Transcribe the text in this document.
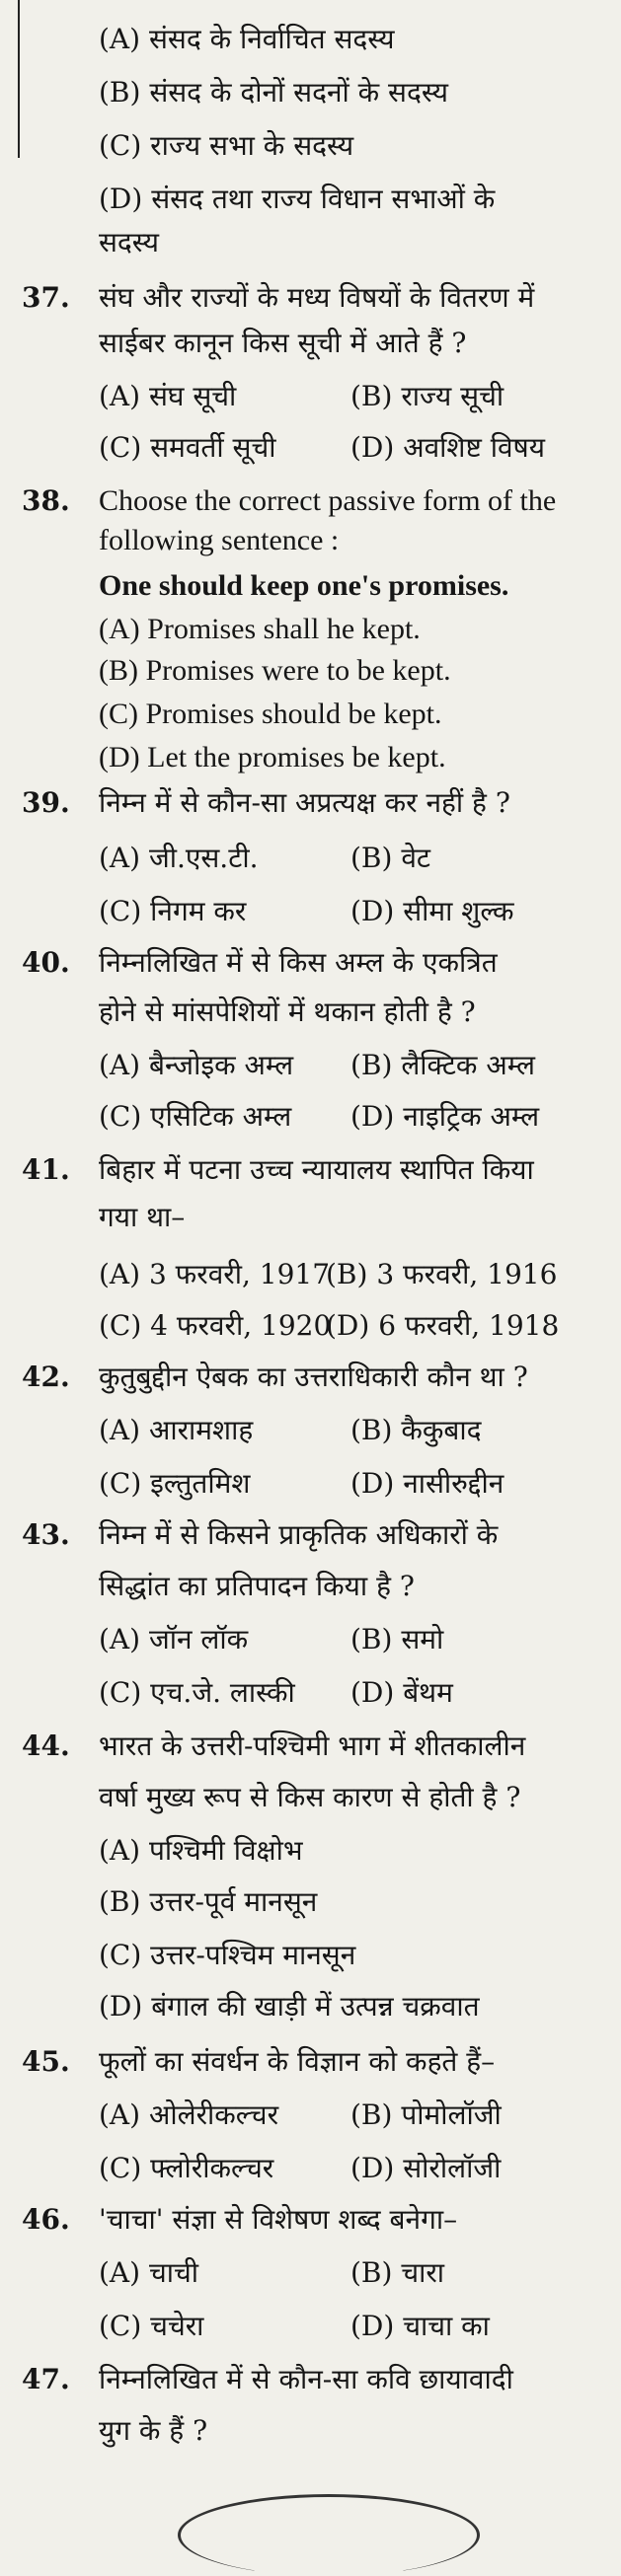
(A) संसद के निर्वाचित सदस्य
(B) संसद के दोनों सदनों के सदस्य
(C) राज्य सभा के सदस्य
(D) संसद तथा राज्य विधान सभाओं के
सदस्य
37. संघ और राज्यों के मध्य विषयों के वितरण में
साईबर कानून किस सूची में आते हैं ?
(A) संघ सूची	(B) राज्य सूची
(C) समवर्ती सूची	(D) अवशिष्ट विषय
38. Choose the correct passive form of the
following sentence :
One should keep one's promises.
(A) Promises shall he kept.
(B) Promises were to be kept.
(C) Promises should be kept.
(D) Let the promises be kept.
39. निम्न में से कौन-सा अप्रत्यक्ष कर नहीं है ?
(A) जी.एस.टी.	(B) वेट
(C) निगम कर	(D) सीमा शुल्क
40. निम्नलिखित में से किस अम्ल के एकत्रित
होने से मांसपेशियों में थकान होती है ?
(A) बैन्जोइक अम्ल (B) लैक्टिक अम्ल
(C) एसिटिक अम्ल (D) नाइट्रिक अम्ल
41. बिहार में पटना उच्च न्यायालय स्थापित किया
गया था–
(A) 3 फरवरी, 1917
(B) 3 फरवरी, 1916
(C) 4 फरवरी, 1920
(D) 6 फरवरी, 1918
42. कुतुबुद्दीन ऐबक का उत्तराधिकारी कौन था ?
(A) आरामशाह	(B) कैकुबाद
(C) इल्तुतमिश	(D) नासीरुद्दीन
43. निम्न में से किसने प्राकृतिक अधिकारों के
सिद्धांत का प्रतिपादन किया है ?
(A) जॉन लॉक	(B) समो
(C) एच.जे. लास्की (D) बेंथम
44. भारत के उत्तरी-पश्चिमी भाग में शीतकालीन
वर्षा मुख्य रूप से किस कारण से होती है ?
(A) पश्चिमी विक्षोभ
(B) उत्तर-पूर्व मानसून
(C) उत्तर-पश्चिम मानसून
(D) बंगाल की खाड़ी में उत्पन्न चक्रवात
45. फूलों का संवर्धन के विज्ञान को कहते हैं–
(A) ओलेरीकल्चर	(B) पोमोलॉजी
(C) फ्लोरीकल्चर	(D) सोरोलॉजी
46. 'चाचा' संज्ञा से विशेषण शब्द बनेगा–
(A) चाची	(B) चारा
(C) चचेरा	(D) चाचा का
47. निम्नलिखित में से कौन-सा कवि छायावादी
युग के हैं ?
